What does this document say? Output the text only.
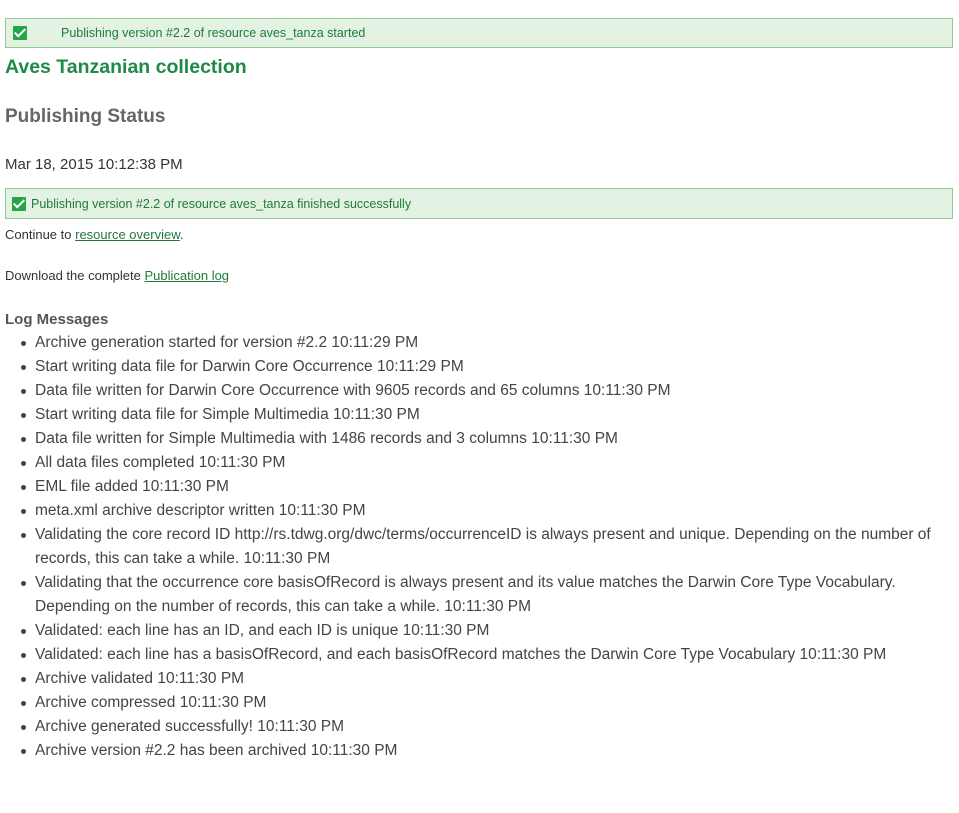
Publishing version #2.2 of resource aves_tanza started
Aves Tanzanian collection
Publishing Status
Mar 18, 2015 10:12:38 PM
Publishing version #2.2 of resource aves_tanza finished successfully
Continue to resource overview.
Download the complete Publication log
Log Messages
Archive generation started for version #2.2 10:11:29 PM
Start writing data file for Darwin Core Occurrence 10:11:29 PM
Data file written for Darwin Core Occurrence with 9605 records and 65 columns 10:11:30 PM
Start writing data file for Simple Multimedia 10:11:30 PM
Data file written for Simple Multimedia with 1486 records and 3 columns 10:11:30 PM
All data files completed 10:11:30 PM
EML file added 10:11:30 PM
meta.xml archive descriptor written 10:11:30 PM
Validating the core record ID http://rs.tdwg.org/dwc/terms/occurrenceID is always present and unique. Depending on the number of records, this can take a while. 10:11:30 PM
Validating that the occurrence core basisOfRecord is always present and its value matches the Darwin Core Type Vocabulary. Depending on the number of records, this can take a while. 10:11:30 PM
Validated: each line has an ID, and each ID is unique 10:11:30 PM
Validated: each line has a basisOfRecord, and each basisOfRecord matches the Darwin Core Type Vocabulary 10:11:30 PM
Archive validated 10:11:30 PM
Archive compressed 10:11:30 PM
Archive generated successfully! 10:11:30 PM
Archive version #2.2 has been archived 10:11:30 PM
